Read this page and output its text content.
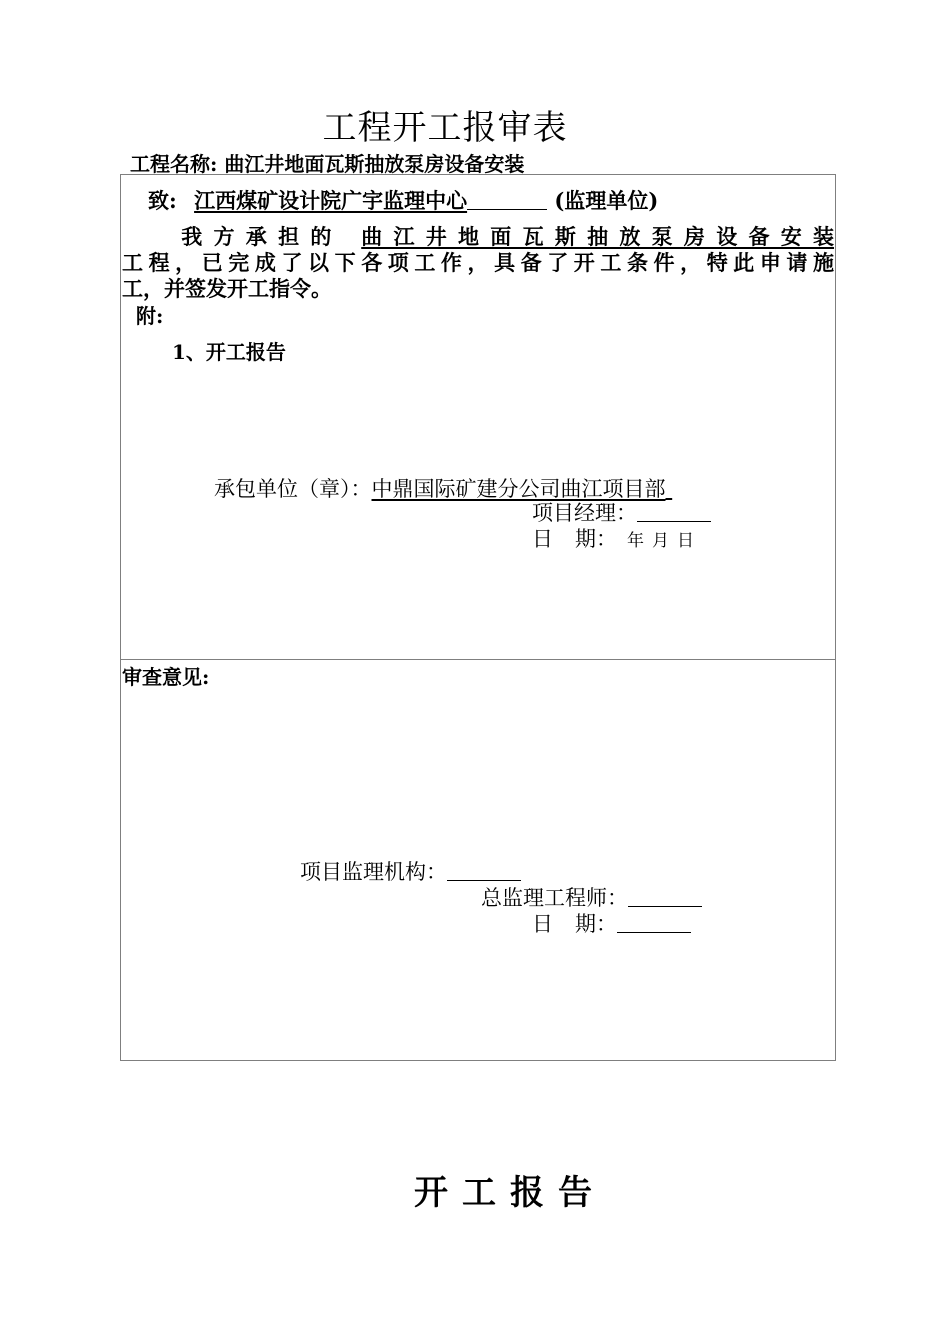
工程开工报审表
工程名称: 曲江井地面瓦斯抽放泵房设备安装
致: 江西煤矿设计院广宇监理中心	(监理单位)
我方承担的 曲江井地面瓦斯抽放泵房设备安装
工程，已完成了以下各项工作，具备了开工条件，特此申请施
工，并签发开工指令。
附:
1、开工报告
承包单位（章）：中鼎国际矿建分公司曲江项目部
项目经理：
日 期： 年月日
审查意见:
项目监理机构：
总监理工程师：
日 期：
开工报告
